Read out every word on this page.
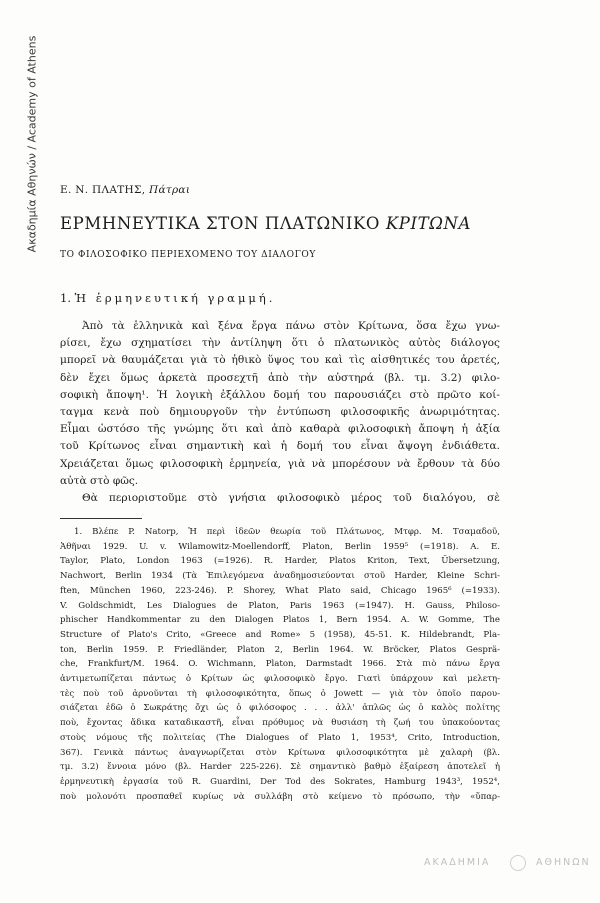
Ακαδημία Αθηνών / Academy of Athens Ε. Ν. ΠΛΑΤΗΣ, Πάτραι
ΕΡΜΗΝΕΥΤΙΚΑ ΣΤΟΝ ΠΛΑΤΩΝΙΚΟ ΚΡΙΤΩΝΑ
ΤΟ ΦΙΛΟΣΟΦΙΚΟ ΠΕΡΙΕΧΟΜΕΝΟ ΤΟΥ ΔΙΑΛΟΓΟΥ
1. Ἡ ἑρμηνευτική γραμμή.
Ἀπὸ τὰ ἑλληνικὰ καὶ ξένα ἔργα πάνω στὸν Κρίτωνα, ὅσα ἔχω γνω-
ρίσει, ἔχω σχηματίσει τὴν ἀντίληψη ὅτι ὁ πλατωνικὸς αὐτὸς διάλογος
μπορεῖ νὰ θαυμάζεται γιὰ τὸ ἠθικὸ ὕψος του καὶ τὶς αἰσθητικές του ἀρετές,
δὲν ἔχει ὅμως ἀρκετὰ προσεχτῆ ἀπὸ τὴν αὐστηρά (βλ. τμ. 3.2) φιλο-
σοφικὴ ἄποψη¹. Ἡ λογικὴ ἐξάλλου δομή του παρουσιάζει στὸ πρῶτο κοί-
ταγμα κενὰ ποὺ δημιουργοῦν τὴν ἐντύπωση φιλοσοφικῆς ἀνωριμότητας.
Εἶμαι ὡστόσο τῆς γνώμης ὅτι καὶ ἀπὸ καθαρὰ φιλοσοφικὴ ἄποψη ἡ ἀξία
τοῦ Κρίτωνος εἶναι σημαντικὴ καὶ ἡ δομή του εἶναι ἄψογη ἐνδιάθετα.
Χρειάζεται ὅμως φιλοσοφικὴ ἑρμηνεία, γιὰ νὰ μπορέσουν νὰ ἔρθουν τὰ δύο
αὐτὰ στὸ φῶς.
Θὰ περιοριστοῦμε στὸ γνήσια φιλοσοφικὸ μέρος τοῦ διαλόγου, σὲ
1. Βλέπε P. Natorp, Ἡ περὶ ἰδεῶν θεωρία τοῦ Πλάτωνος, Μτφρ. Μ. Τσαμαδοῦ,
Ἀθῆναι 1929. U. v. Wilamowitz-Moellendorff, Platon, Berlin 1959⁵ (=1918). A. E.
Taylor, Plato, London 1963 (=1926). R. Harder, Platos Kriton, Text, Übersetzung,
Nachwort, Berlin 1934 (Τὰ Ἐπιλεγόμενα ἀναδημοσιεύονται στοῦ Harder, Kleine Schri-
ften, München 1960, 223-246). P. Shorey, What Plato said, Chicago 1965⁶ (=1933).
V. Goldschmidt, Les Dialogues de Platon, Paris 1963 (=1947). H. Gauss, Philoso-
phischer Handkommentar zu den Dialogen Platos 1, Bern 1954. A. W. Gomme, The
Structure of Plato's Crito, «Greece and Rome» 5 (1958), 45-51. K. Hildebrandt, Pla-
ton, Berlin 1959. P. Friedländer, Platon 2, Berlin 1964. W. Bröcker, Platos Gesprä-
che, Frankfurt/M. 1964. O. Wichmann, Platon, Darmstadt 1966. Στὰ πιὸ πάνω ἔργα
ἀντιμετωπίζεται πάντως ὁ Κρίτων ὡς φιλοσοφικὸ ἔργο. Γιατὶ ὑπάρχουν καὶ μελετη-
τὲς ποὺ τοῦ ἀρνοῦνται τὴ φιλοσοφικότητα, ὅπως ὁ Jowett — γιὰ τὸν ὁποῖο παρου-
σιάζεται ἐδῶ ὁ Σωκράτης ὄχι ὡς ὁ φιλόσοφος . . . ἀλλ' ἁπλῶς ὡς ὁ καλὸς πολίτης
ποὺ, ἔχοντας ἄδικα καταδικαστῆ, εἶναι πρόθυμος νὰ θυσιάση τὴ ζωή του ὑπακούοντας
στοὺς νόμους τῆς πολιτείας (The Dialogues of Plato 1, 1953⁴, Crito, Introduction,
367). Γενικὰ πάντως ἀναγνωρίζεται στὸν Κρίτωνα φιλοσοφικότητα μὲ χαλαρὴ (βλ.
τμ. 3.2) ἔννοια μόνο (βλ. Harder 225-226). Σὲ σημαντικὸ βαθμὸ ἐξαίρεση ἀποτελεῖ ἡ
ἑρμηνευτικὴ ἐργασία τοῦ R. Guardini, Der Tod des Sokrates, Hamburg 1943³, 1952⁴,
ποὺ μολονότι προσπαθεῖ κυρίως νὰ συλλάβη στὸ κείμενο τὸ πρόσωπο, τὴν «ὕπαρ-
ΑΚΑΔΗΜΙΑ	ΑΘΗΝΩΝ
